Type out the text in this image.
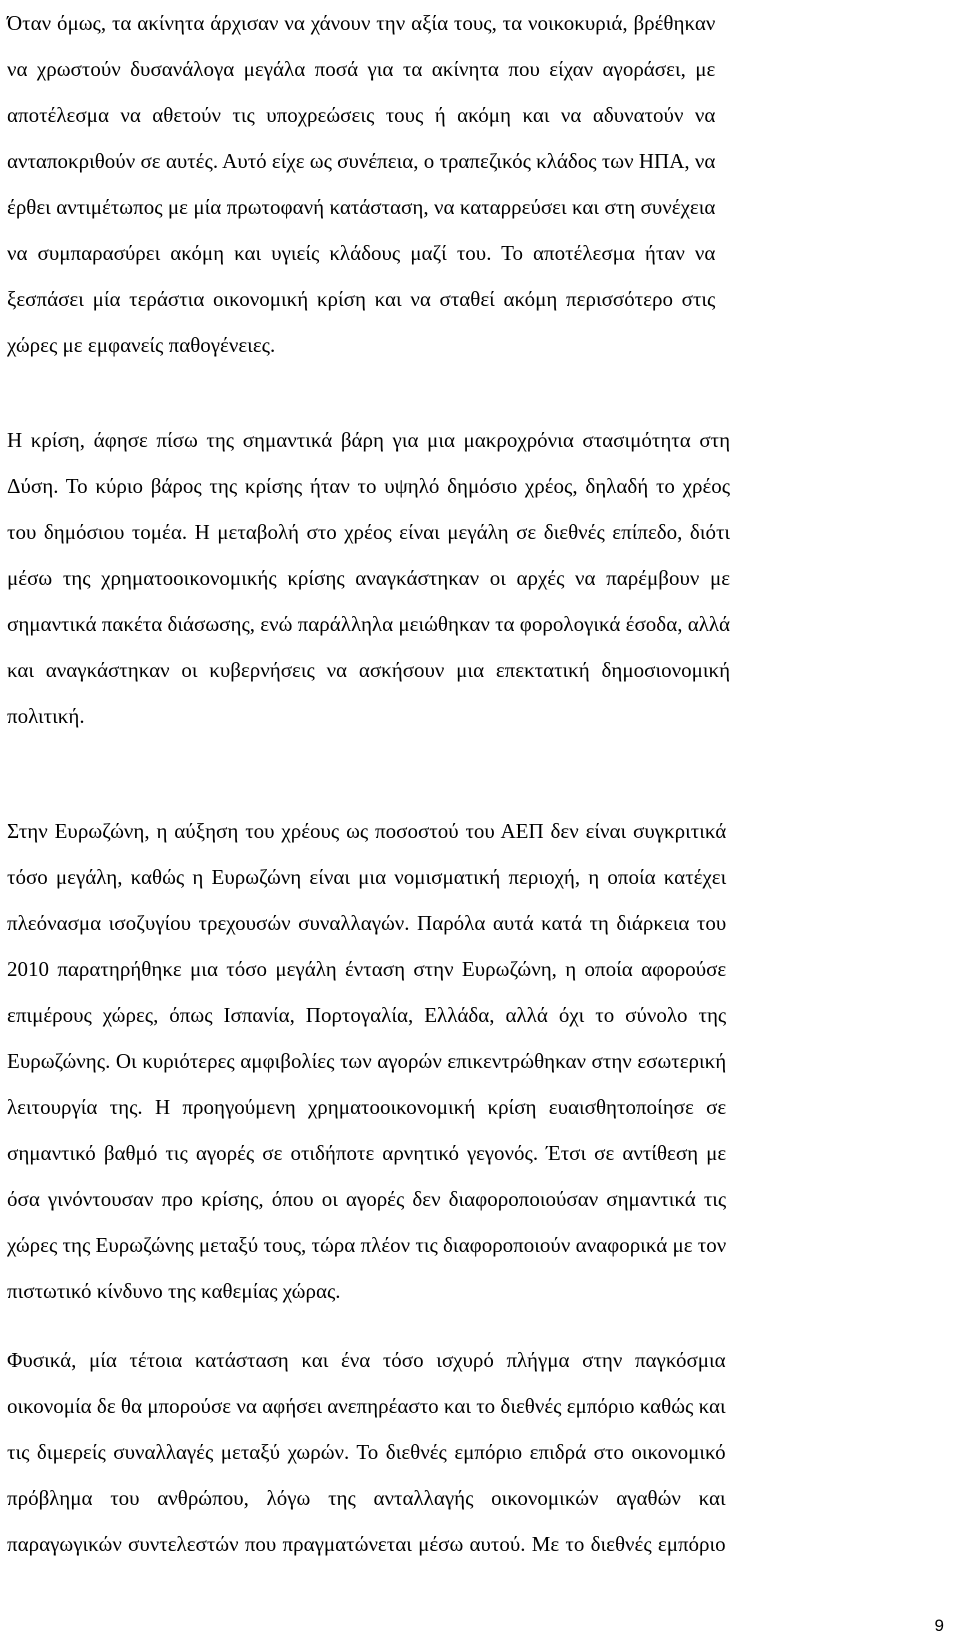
Όταν όμως, τα ακίνητα άρχισαν να χάνουν την αξία τους, τα νοικοκυριά, βρέθηκαν
να χρωστούν δυσανάλογα μεγάλα ποσά για τα ακίνητα που είχαν αγοράσει, με
αποτέλεσμα να αθετούν τις υποχρεώσεις τους ή ακόμη και να αδυνατούν να
ανταποκριθούν σε αυτές. Αυτό είχε ως συνέπεια, ο τραπεζικός κλάδος των ΗΠΑ, να
έρθει αντιμέτωπος με μία πρωτοφανή κατάσταση, να καταρρεύσει και στη συνέχεια
να συμπαρασύρει ακόμη και υγιείς κλάδους μαζί του. Το αποτέλεσμα ήταν να
ξεσπάσει μία τεράστια οικονομική κρίση και να σταθεί ακόμη περισσότερο στις
χώρες με εμφανείς παθογένειες.

Η κρίση, άφησε πίσω της σημαντικά βάρη για μια μακροχρόνια στασιμότητα στη
Δύση. Το κύριο βάρος της κρίσης ήταν το υψηλό δημόσιο χρέος, δηλαδή το χρέος
του δημόσιου τομέα. Η μεταβολή στο χρέος είναι μεγάλη σε διεθνές επίπεδο, διότι
μέσω της χρηματοοικονομικής κρίσης αναγκάστηκαν οι αρχές να παρέμβουν με
σημαντικά πακέτα διάσωσης, ενώ παράλληλα μειώθηκαν τα φορολογικά έσοδα, αλλά
και αναγκάστηκαν οι κυβερνήσεις να ασκήσουν μια επεκτατική δημοσιονομική
πολιτική.

Στην Ευρωζώνη, η αύξηση του χρέους ως ποσοστού του ΑΕΠ δεν είναι συγκριτικά
τόσο μεγάλη, καθώς η Ευρωζώνη είναι μια νομισματική περιοχή, η οποία κατέχει
πλεόνασμα ισοζυγίου τρεχουσών συναλλαγών. Παρόλα αυτά κατά τη διάρκεια του
2010 παρατηρήθηκε μια τόσο μεγάλη ένταση στην Ευρωζώνη, η οποία αφορούσε
επιμέρους χώρες, όπως Ισπανία, Πορτογαλία, Ελλάδα, αλλά όχι το σύνολο της
Ευρωζώνης. Οι κυριότερες αμφιβολίες των αγορών επικεντρώθηκαν στην εσωτερική
λειτουργία της. Η προηγούμενη χρηματοοικονομική κρίση ευαισθητοποίησε σε
σημαντικό βαθμό τις αγορές σε οτιδήποτε αρνητικό γεγονός. Έτσι σε αντίθεση με
όσα γινόντουσαν προ κρίσης, όπου οι αγορές δεν διαφοροποιούσαν σημαντικά τις
χώρες της Ευρωζώνης μεταξύ τους, τώρα πλέον τις διαφοροποιούν αναφορικά με τον
πιστωτικό κίνδυνο της καθεμίας χώρας.

Φυσικά, μία τέτοια κατάσταση και ένα τόσο ισχυρό πλήγμα στην παγκόσμια
οικονομία δε θα μπορούσε να αφήσει ανεπηρέαστο και το διεθνές εμπόριο καθώς και
τις διμερείς συναλλαγές μεταξύ χωρών. Το διεθνές εμπόριο επιδρά στο οικονομικό
πρόβλημα του ανθρώπου, λόγω της ανταλλαγής οικονομικών αγαθών και
παραγωγικών συντελεστών που πραγματώνεται μέσω αυτού. Με το διεθνές εμπόριο

9
